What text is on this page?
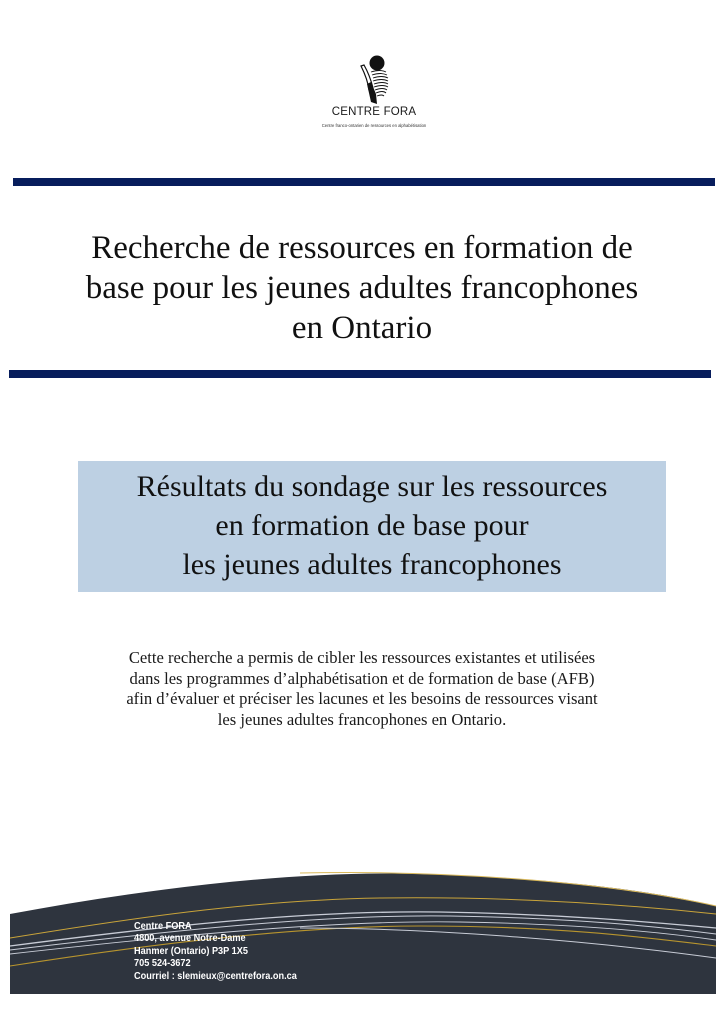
CENTRE FORA
Centre franco-ontarien de ressources en alphabétisation
Recherche de ressources en formation de
base pour les jeunes adultes francophones
en Ontario
Résultats du sondage sur les ressources
en formation de base pour
les jeunes adultes francophones
Cette recherche a permis de cibler les ressources existantes et utilisées
dans les programmes d’alphabétisation et de formation de base (AFB)
afin d’évaluer et préciser les lacunes et les besoins de ressources visant
les jeunes adultes francophones en Ontario.
Centre FORA
4800, avenue Notre-Dame
Hanmer (Ontario) P3P 1X5
705 524-3672
Courriel : slemieux@centrefora.on.ca
